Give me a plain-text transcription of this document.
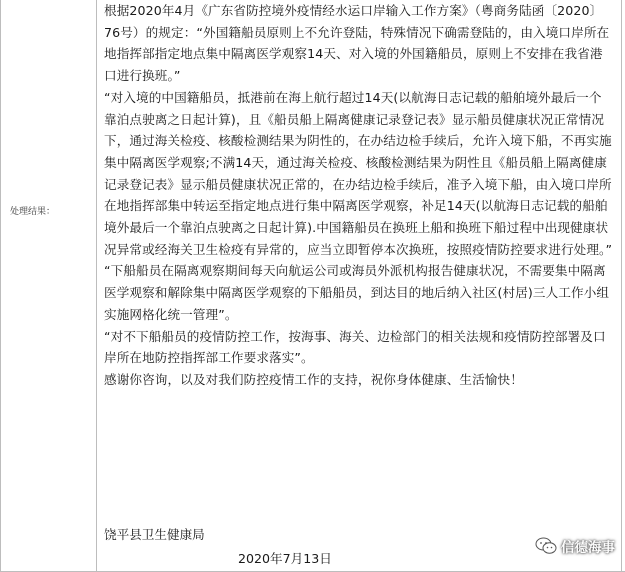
处理结果：

根据2020年4月《广东省防控境外疫情经水运口岸输入工作方案》（粤商务陆函〔2020〕76号）的规定：“外国籍船员原则上不允许登陆，特殊情况下确需登陆的，由入境口岸所在地指挥部指定地点集中隔离医学观察14天、对入境的外国籍船员，原则上不安排在我省港口进行换班。”

“对入境的中国籍船员，抵港前在海上航行超过14天(以航海日志记载的船舶境外最后一个靠泊点驶离之日起计算)，且《船员船上隔离健康记录登记表》显示船员健康状况正常情况下，通过海关检疫、核酸检测结果为阴性的，在办结边检手续后，允许入境下船，不再实施集中隔离医学观察;不满14天，通过海关检疫、核酸检测结果为阴性且《船员船上隔离健康记录登记表》显示船员健康状况正常的，在办结边检手续后，准予入境下船，由入境口岸所在地指挥部集中转运至指定地点进行集中隔离医学观察，补足14天(以航海日志记载的船舶境外最后一个靠泊点驶离之日起计算).中国籍船员在换班上船和换班下船过程中出现健康状况异常或经海关卫生检疫有异常的，应当立即暂停本次换班，按照疫情防控要求进行处理。”

“下船船员在隔离观察期间每天向航运公司或海员外派机构报告健康状况，不需要集中隔离医学观察和解除集中隔离医学观察的下船船员，到达目的地后纳入社区(村居)三人工作小组实施网格化统一管理”。

“对不下船船员的疫情防控工作，按海事、海关、边检部门的相关法规和疫情防控部署及口岸所在地防控指挥部工作要求落实”。

感谢你咨询，以及对我们防控疫情工作的支持，祝你身体健康、生活愉快！

饶平县卫生健康局
2020年7月13日
信德海事
